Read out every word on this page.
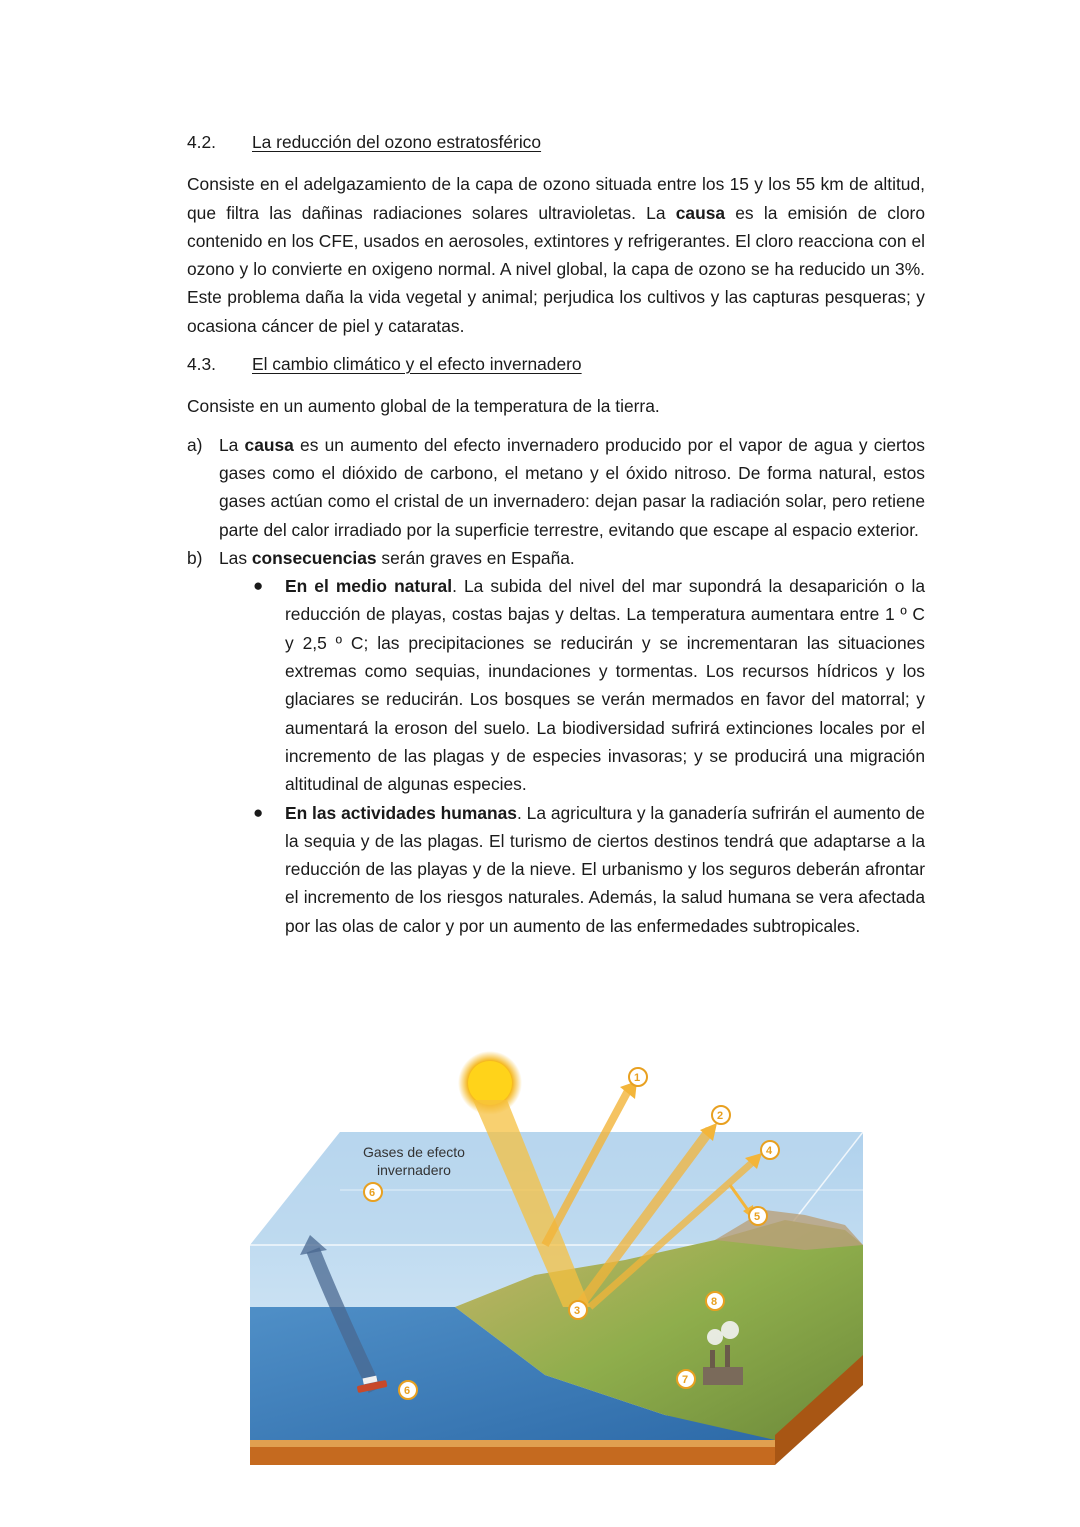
4.2.	La reducción del ozono estratosférico

Consiste en el adelgazamiento de la capa de ozono situada entre los 15 y los 55 km de altitud, que filtra las dañinas radiaciones solares ultravioletas. La causa es la emisión de cloro contenido en los CFE, usados en aerosoles, extintores y refrigerantes. El cloro reacciona con el ozono y lo convierte en oxigeno normal. A nivel global, la capa de ozono se ha reducido un 3%. Este problema daña la vida vegetal y animal; perjudica los cultivos y las capturas pesqueras; y ocasiona cáncer de piel y cataratas.

4.3.	El cambio climático y el efecto invernadero

Consiste en un aumento global de la temperatura de la tierra.

a) La causa es un aumento del efecto invernadero producido por el vapor de agua y ciertos gases como el dióxido de carbono, el metano y el óxido nitroso. De forma natural, estos gases actúan como el cristal de un invernadero: dejan pasar la radiación solar, pero retiene parte del calor irradiado por la superficie terrestre, evitando que escape al espacio exterior.
b) Las consecuencias serán graves en España.
●	En el medio natural. La subida del nivel del mar supondrá la desaparición o la reducción de playas, costas bajas y deltas. La temperatura aumentara entre 1 º C y 2,5 º C; las precipitaciones se reducirán y se incrementaran las situaciones extremas como sequias, inundaciones y tormentas. Los recursos hídricos y los glaciares se reducirán. Los bosques se verán mermados en favor del matorral; y aumentará la eroson del suelo. La biodiversidad sufrirá extinciones locales por el incremento de las plagas y de especies invasoras; y se producirá una migración altitudinal de algunas especies.
●	En las actividades humanas. La agricultura y la ganadería sufrirán el aumento de la sequia y de las plagas. El turismo de ciertos destinos tendrá que adaptarse a la reducción de las playas y de la nieve. El urbanismo y los seguros deberán afrontar el incremento de los riesgos naturales. Además, la salud humana se vera afectada por las olas de calor y por un aumento de las enfermedades subtropicales.
Gases de efecto
invernadero
1
2
3
4
5
6
6
7
8
